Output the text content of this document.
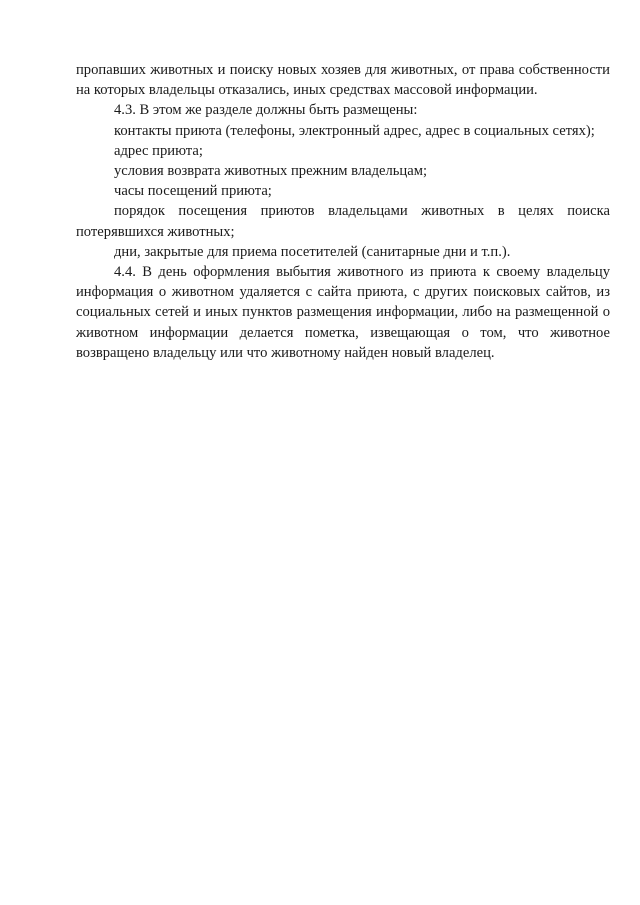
пропавших животных и поиску новых хозяев для животных, от права собственности на которых владельцы отказались, иных средствах массовой информации.

4.3. В этом же разделе должны быть размещены:

контакты приюта (телефоны, электронный адрес, адрес в социальных сетях);

адрес приюта;

условия возврата животных прежним владельцам;

часы посещений приюта;

порядок посещения приютов владельцами животных в целях поиска потерявшихся животных;

дни, закрытые для приема посетителей (санитарные дни и т.п.).

4.4. В день оформления выбытия животного из приюта к своему владельцу информация о животном удаляется с сайта приюта, с других поисковых сайтов, из социальных сетей и иных пунктов размещения информации, либо на размещенной о животном информации делается пометка, извещающая о том, что животное возвращено владельцу или что животному найден новый владелец.
